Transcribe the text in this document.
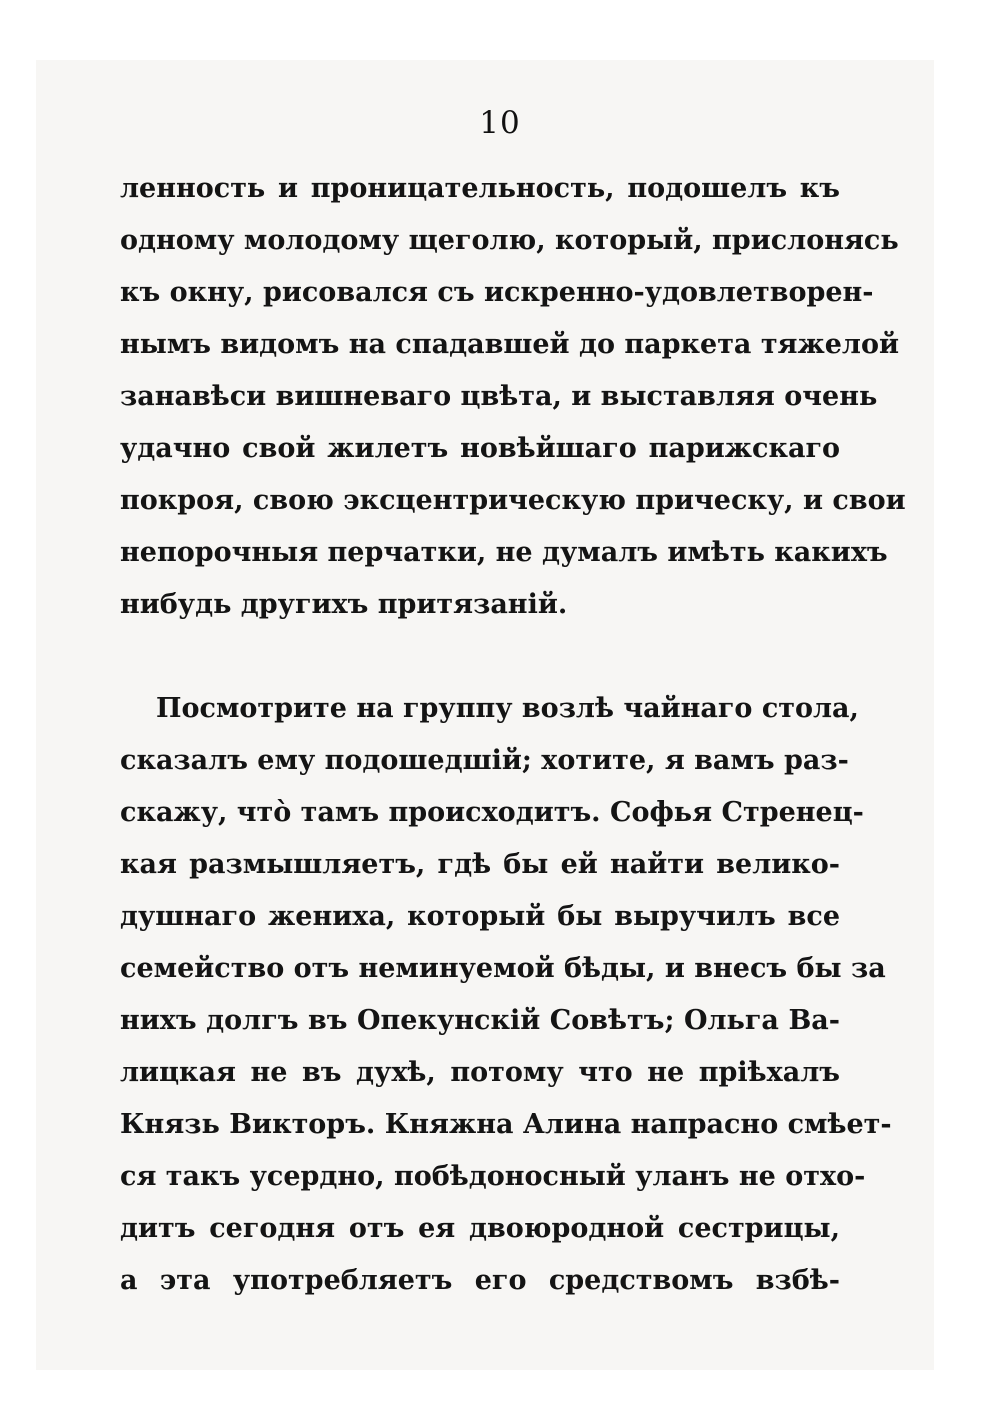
10
ленность и проницательность, подошелъ къ
одному молодому щеголю, который, прислонясь
къ окну, рисовался съ искренно-удовлетворен-
нымъ видомъ на спадавшей до паркета тяжелой
занавѣси вишневаго цвѣта, и выставляя очень
удачно свой жилетъ новѣйшаго парижскаго
покроя, свою эксцентрическую прическу, и свои
непорочныя перчатки, не думалъ имѣть какихъ
нибудь другихъ притязаній.
Посмотрите на группу возлѣ чайнаго стола,
сказалъ ему подошедшій; хотите, я вамъ раз-
скажу, что̀ тамъ происходитъ. Софья Стренец-
кая размышляетъ, гдѣ бы ей найти велико-
душнаго жениха, который бы выручилъ все
семейство отъ неминуемой бѣды, и внесъ бы за
нихъ долгъ въ Опекунскій Совѣтъ; Ольга Ва-
лицкая не въ духѣ, потому что не пріѣхалъ
Князь Викторъ. Княжна Алина напрасно смѣет-
ся такъ усердно, побѣдоносный уланъ не отхо-
дитъ сегодня отъ ея двоюродной сестрицы,
а эта употребляетъ его средствомъ взбѣ-
